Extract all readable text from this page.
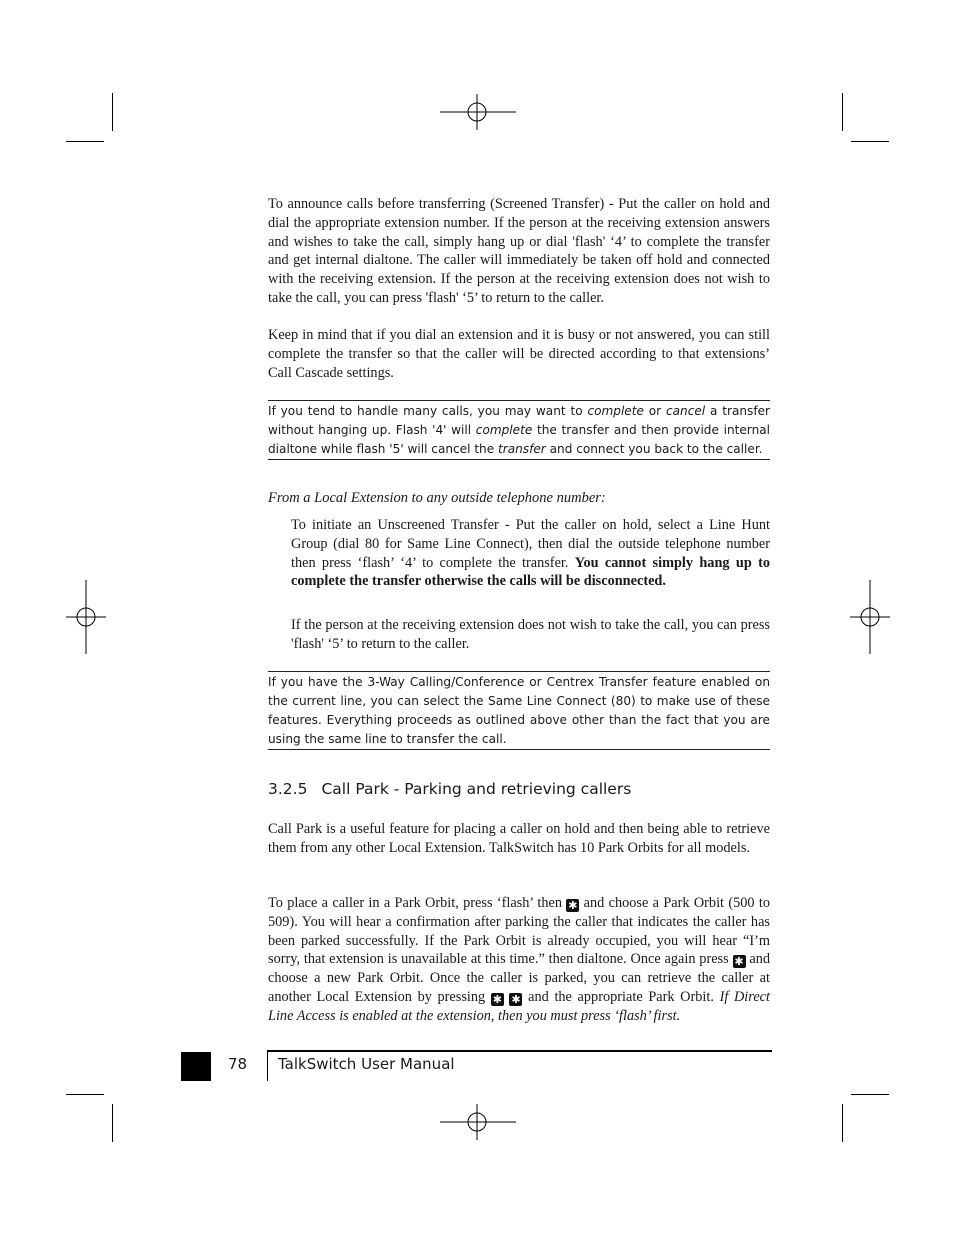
To announce calls before transferring (Screened Transfer) - Put the caller on hold and dial the appropriate extension number. If the person at the receiving extension answers and wishes to take the call, simply hang up or dial 'flash' ‘4’ to complete the transfer and get internal dialtone. The caller will immediately be taken off hold and connected with the receiving extension. If the person at the receiving extension does not wish to take the call, you can press 'flash' ‘5’ to return to the caller.

Keep in mind that if you dial an extension and it is busy or not answered, you can still complete the transfer so that the caller will be directed according to that extensions’ Call Cascade settings.

If you tend to handle many calls, you may want to complete or cancel a transfer without hanging up. Flash '4' will complete the transfer and then provide internal dialtone while flash '5' will cancel the transfer and connect you back to the caller.

From a Local Extension to any outside telephone number:

To initiate an Unscreened Transfer - Put the caller on hold, select a Line Hunt Group (dial 80 for Same Line Connect), then dial the outside telephone number then press ‘flash’ ‘4’ to complete the transfer. You cannot simply hang up to complete the transfer otherwise the calls will be disconnected.

If the person at the receiving extension does not wish to take the call, you can press 'flash' ‘5’ to return to the caller.

If you have the 3-Way Calling/Conference or Centrex Transfer feature enabled on the current line, you can select the Same Line Connect (80) to make use of these features. Everything proceeds as outlined above other than the fact that you are using the same line to transfer the call.

3.2.5 Call Park - Parking and retrieving callers

Call Park is a useful feature for placing a caller on hold and then being able to retrieve them from any other Local Extension. TalkSwitch has 10 Park Orbits for all models.

To place a caller in a Park Orbit, press ‘flash’ then ✱ and choose a Park Orbit (500 to 509). You will hear a confirmation after parking the caller that indicates the caller has been parked successfully. If the Park Orbit is already occupied, you will hear “I’m sorry, that extension is unavailable at this time.” then dialtone. Once again press ✱ and choose a new Park Orbit. Once the caller is parked, you can retrieve the caller at another Local Extension by pressing ✱ ✱ and the appropriate Park Orbit. If Direct Line Access is enabled at the extension, then you must press ‘flash’ first.

78 TalkSwitch User Manual
